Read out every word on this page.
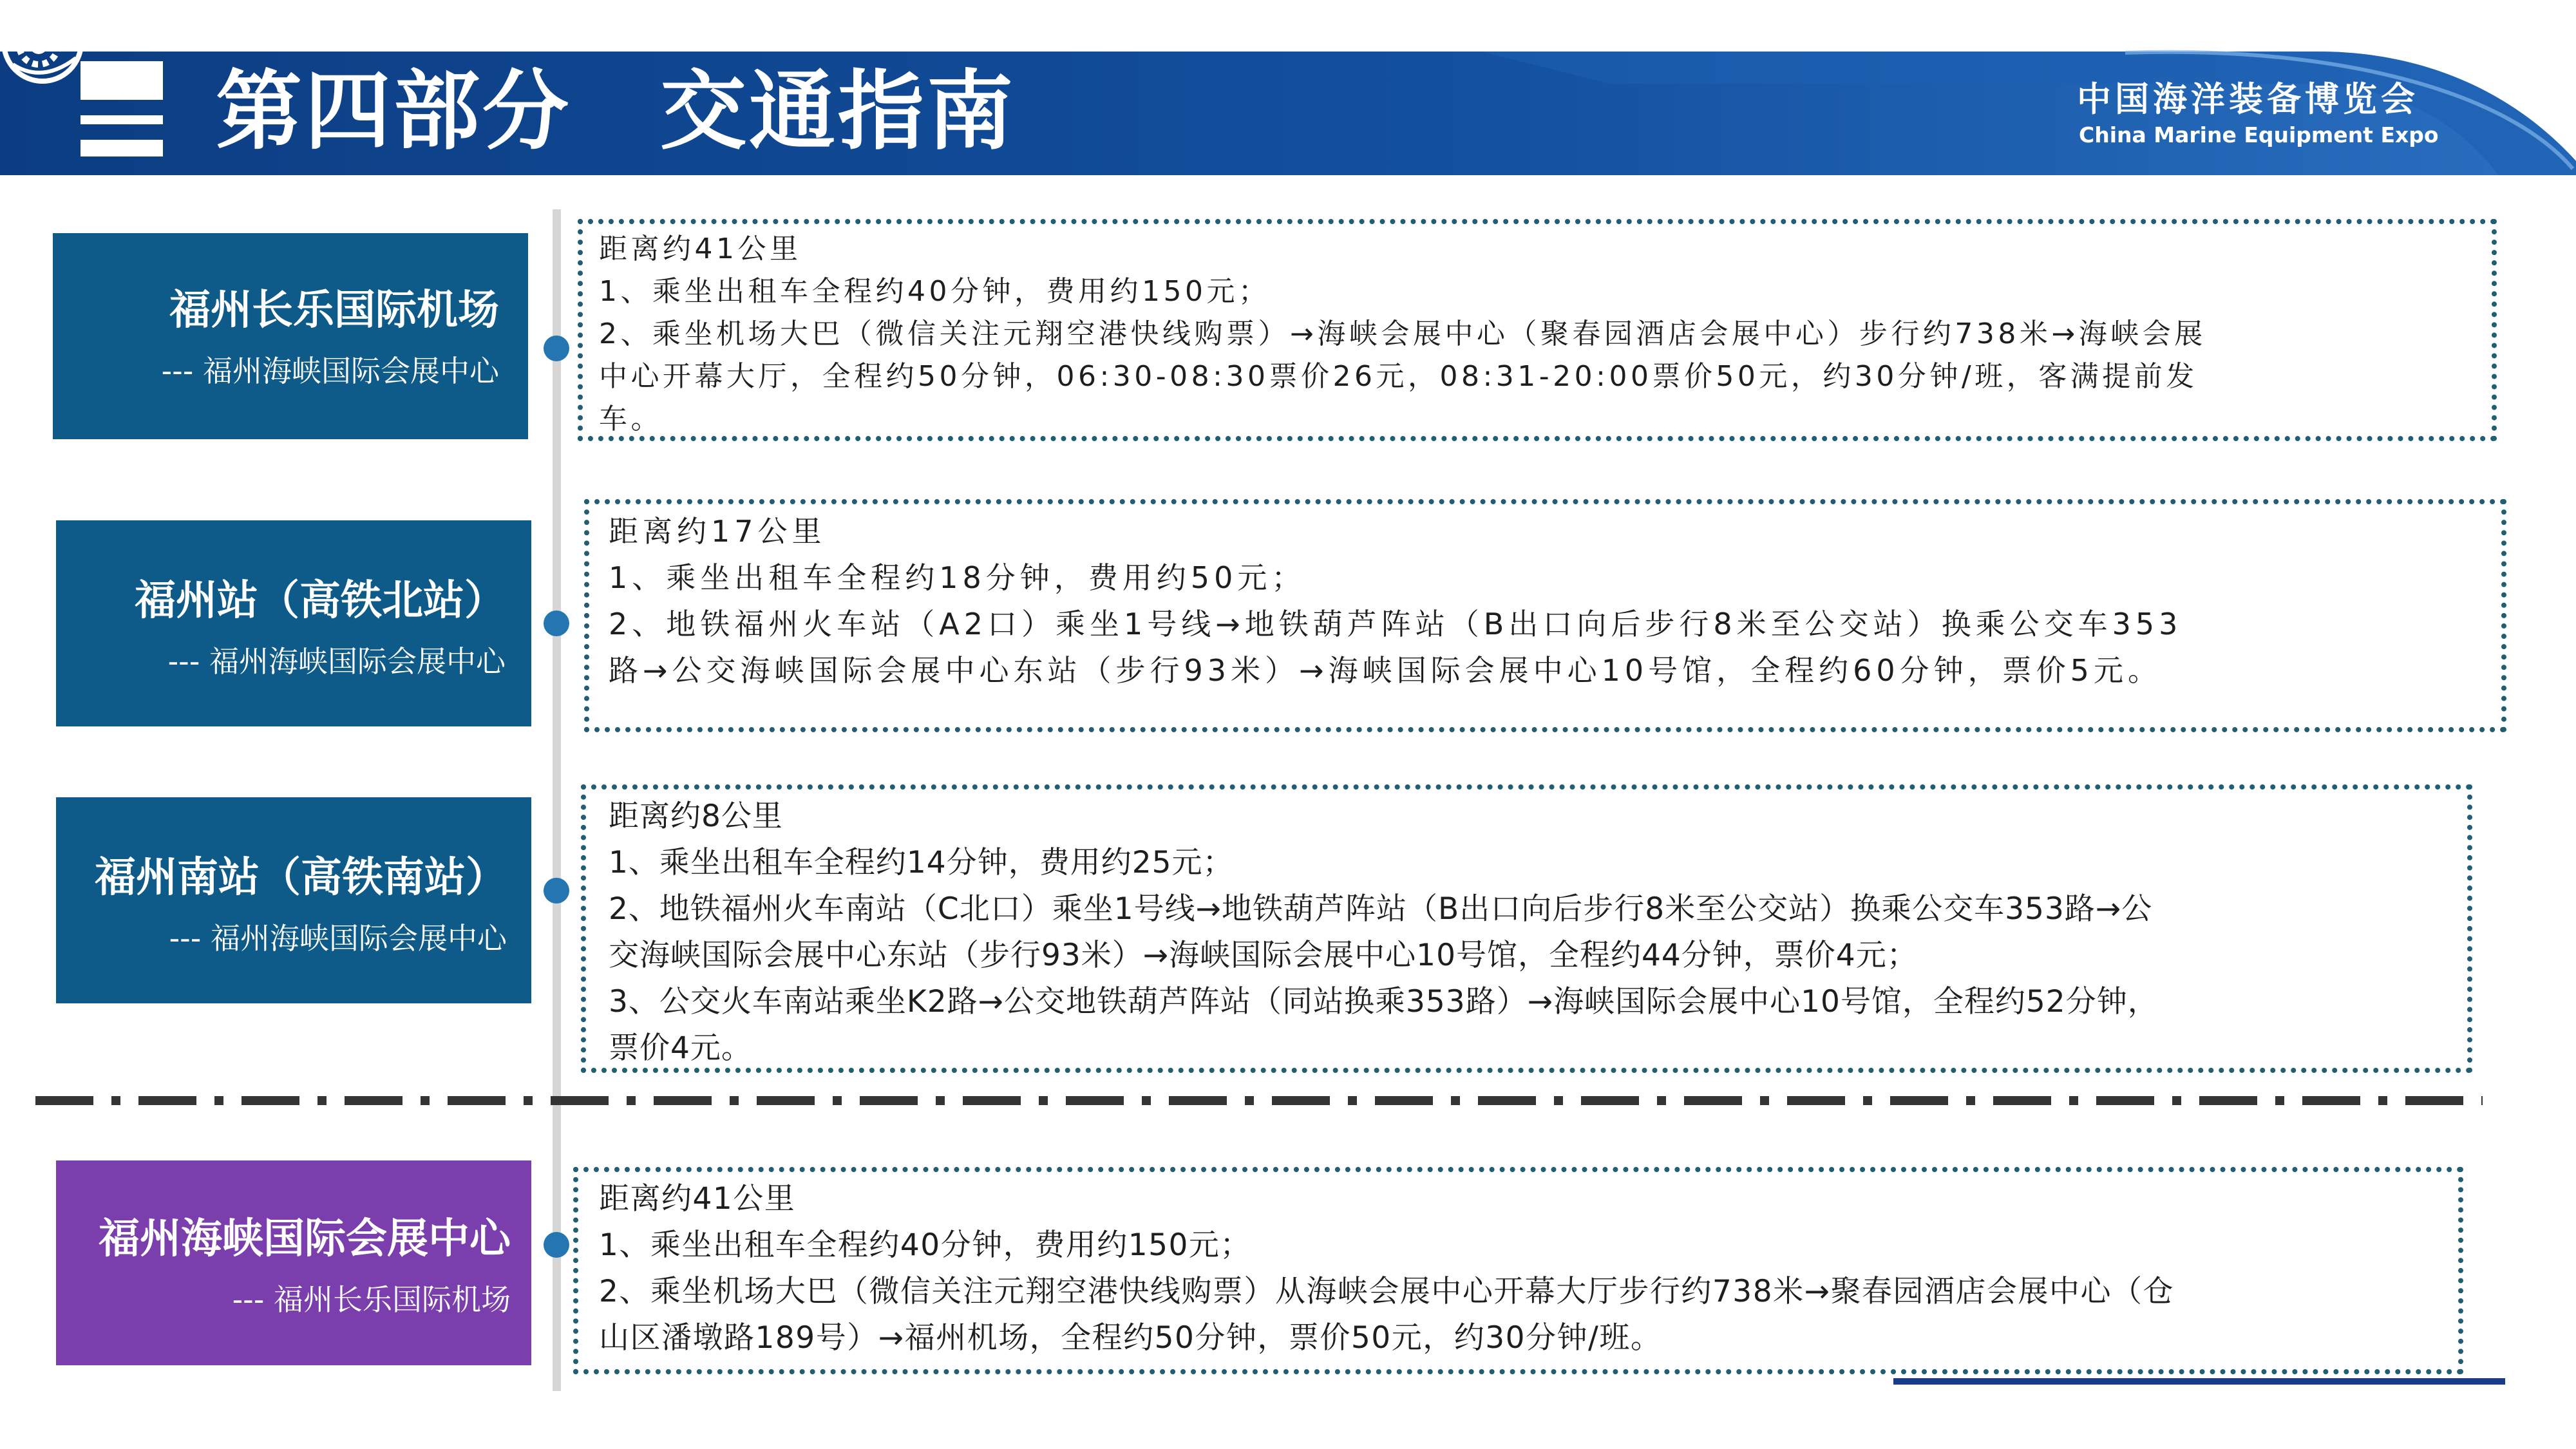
第四部分　交通指南	中国海洋装备博览会
China Marine Equipment Expo
福州长乐国际机场
--- 福州海峡国际会展中心
距离约41公里
1、乘坐出租车全程约40分钟，费用约150元；
2、乘坐机场大巴（微信关注元翔空港快线购票）→海峡会展中心（聚春园酒店会展中心）步行约738米→海峡会展
中心开幕大厅，全程约50分钟，06:30-08:30票价26元，08:31-20:00票价50元，约30分钟/班，客满提前发
车。
福州站（高铁北站）
--- 福州海峡国际会展中心
距离约17公里
1、乘坐出租车全程约18分钟，费用约50元；
2、地铁福州火车站（A2口）乘坐1号线→地铁葫芦阵站（B出口向后步行8米至公交站）换乘公交车353
路→公交海峡国际会展中心东站（步行93米）→海峡国际会展中心10号馆，全程约60分钟，票价5元。
福州南站（高铁南站）
--- 福州海峡国际会展中心
距离约8公里
1、乘坐出租车全程约14分钟，费用约25元；
2、地铁福州火车南站（C北口）乘坐1号线→地铁葫芦阵站（B出口向后步行8米至公交站）换乘公交车353路→公
交海峡国际会展中心东站（步行93米）→海峡国际会展中心10号馆，全程约44分钟，票价4元；
3、公交火车南站乘坐K2路→公交地铁葫芦阵站（同站换乘353路）→海峡国际会展中心10号馆，全程约52分钟，
票价4元。
福州海峡国际会展中心
--- 福州长乐国际机场
距离约41公里
1、乘坐出租车全程约40分钟，费用约150元；
2、乘坐机场大巴（微信关注元翔空港快线购票）从海峡会展中心开幕大厅步行约738米→聚春园酒店会展中心（仓
山区潘墩路189号）→福州机场，全程约50分钟，票价50元，约30分钟/班。
